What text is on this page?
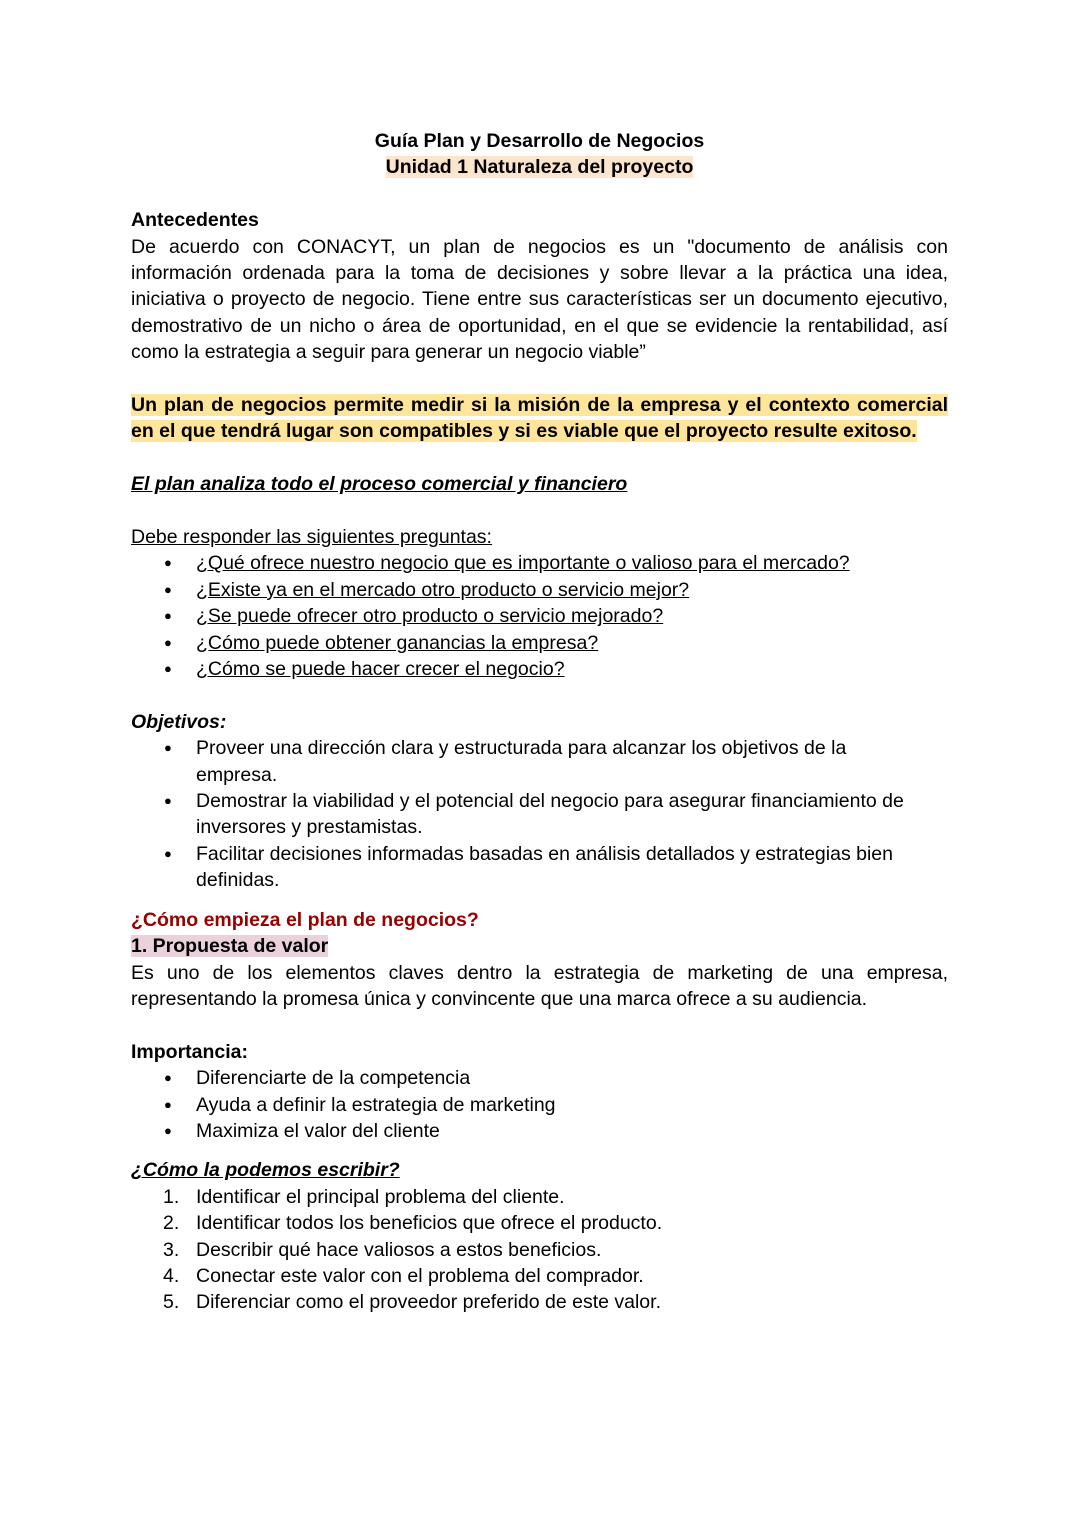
Guía Plan y Desarrollo de Negocios

Unidad 1 Naturaleza del proyecto

Antecedentes

De acuerdo con CONACYT, un plan de negocios es un "documento de análisis con información ordenada para la toma de decisiones y sobre llevar a la práctica una idea, iniciativa o proyecto de negocio. Tiene entre sus características ser un documento ejecutivo, demostrativo de un nicho o área de oportunidad, en el que se evidencie la rentabilidad, así como la estrategia a seguir para generar un negocio viable”

Un plan de negocios permite medir si la misión de la empresa y el contexto comercial en el que tendrá lugar son compatibles y si es viable que el proyecto resulte exitoso.

El plan analiza todo el proceso comercial y financiero

Debe responder las siguientes preguntas:

● ¿Qué ofrece nuestro negocio que es importante o valioso para el mercado?
● ¿Existe ya en el mercado otro producto o servicio mejor?
● ¿Se puede ofrecer otro producto o servicio mejorado?
● ¿Cómo puede obtener ganancias la empresa?
● ¿Cómo se puede hacer crecer el negocio?

Objetivos:

● Proveer una dirección clara y estructurada para alcanzar los objetivos de la empresa.
● Demostrar la viabilidad y el potencial del negocio para asegurar financiamiento de inversores y prestamistas.
● Facilitar decisiones informadas basadas en análisis detallados y estrategias bien definidas.

¿Cómo empieza el plan de negocios?

1. Propuesta de valor

Es uno de los elementos claves dentro la estrategia de marketing de una empresa, representando la promesa única y convincente que una marca ofrece a su audiencia.

Importancia:

● Diferenciarte de la competencia
● Ayuda a definir la estrategia de marketing
● Maximiza el valor del cliente

¿Cómo la podemos escribir?

1. Identificar el principal problema del cliente.
2. Identificar todos los beneficios que ofrece el producto.
3. Describir qué hace valiosos a estos beneficios.
4. Conectar este valor con el problema del comprador.
5. Diferenciar como el proveedor preferido de este valor.
